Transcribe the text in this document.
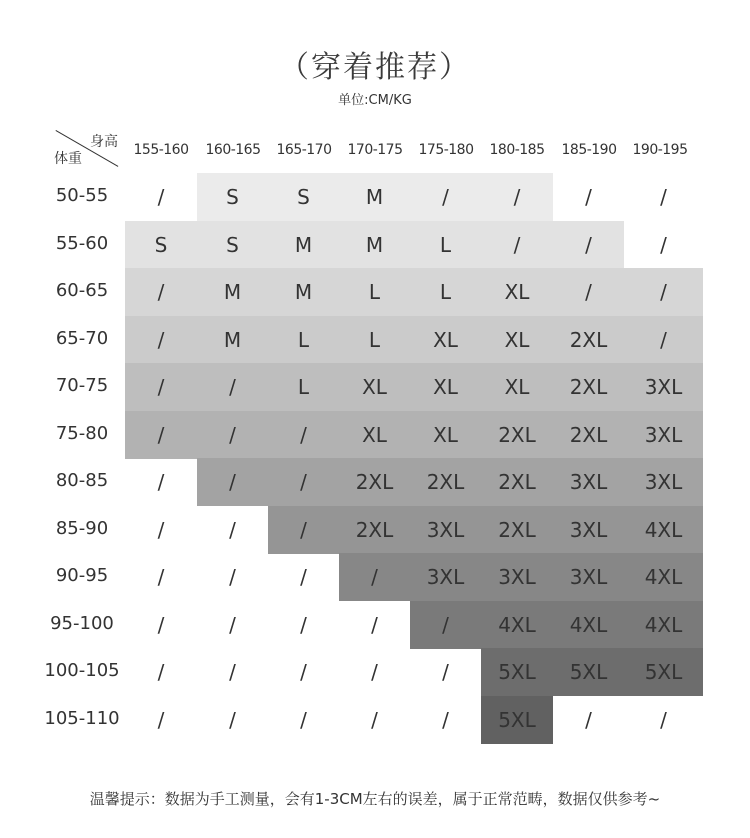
（穿着推荐）
单位:CM/KG
身高
体重
155-160	160-165	165-170	170-175	175-180	180-185	185-190	190-195
50-55	/	S	S	M	/	/	/	/
55-60	S	S	M	M	L	/	/	/
60-65	/	M	M	L	L	XL	/	/
65-70	/	M	L	L	XL	XL	2XL	/
70-75	/	/	L	XL	XL	XL	2XL	3XL
75-80	/	/	/	XL	XL	2XL	2XL	3XL
80-85	/	/	/	2XL	2XL	2XL	3XL	3XL
85-90	/	/	/	2XL	3XL	2XL	3XL	4XL
90-95	/	/	/	/	3XL	3XL	3XL	4XL
95-100	/	/	/	/	/	4XL	4XL	4XL
100-105	/	/	/	/	/	5XL	5XL	5XL
105-110	/	/	/	/	/	5XL	/	/
温馨提示：数据为手工测量，会有1-3CM左右的误差，属于正常范畴，数据仅供参考~
